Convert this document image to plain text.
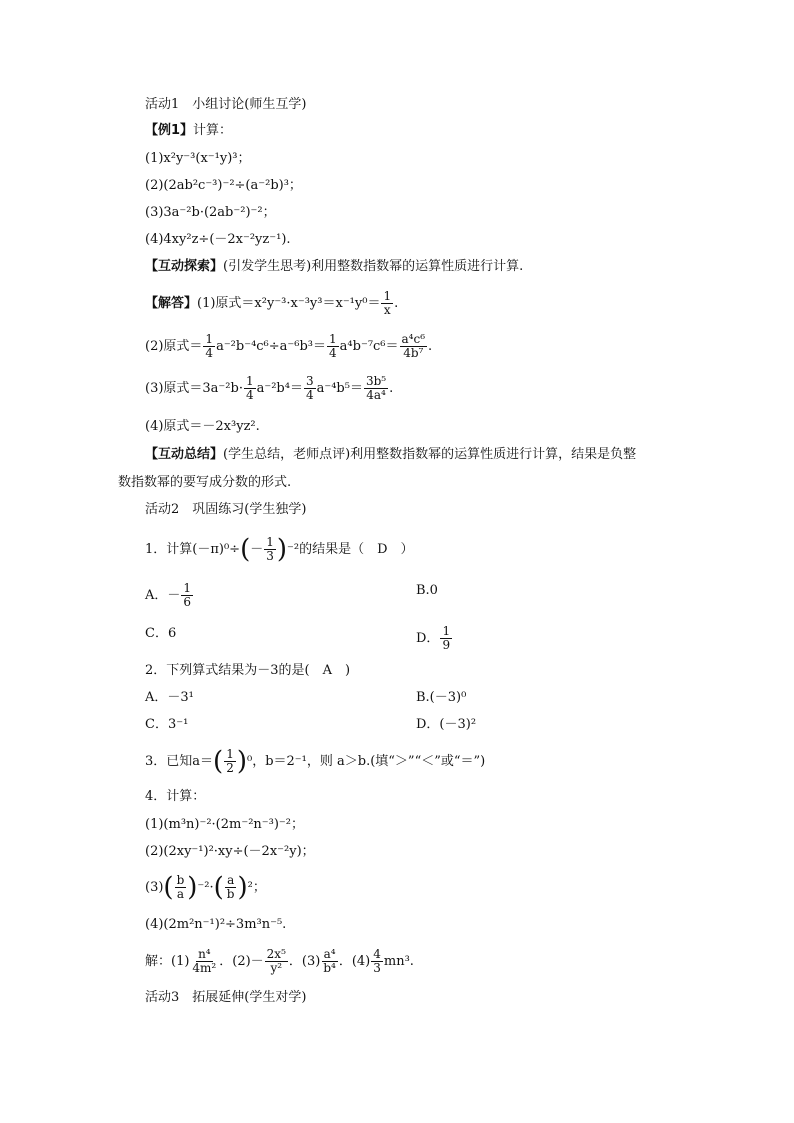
活动1　小组讨论(师生互学)
【例1】计算：
(1)x²y⁻³(x⁻¹y)³；
(2)(2ab²c⁻³)⁻²÷(a⁻²b)³；
(3)3a⁻²b·(2ab⁻²)⁻²；
(4)4xy²z÷(－2x⁻²yz⁻¹).
【互动探索】(引发学生思考)利用整数指数幂的运算性质进行计算.
【解答】(1)原式$=x^2y^{-3}\cdot x^{-3}y^3=x^{-1}y^0= \frac{1}{x}$ .
(2)原式＝ $\frac{1}{4} a^{-2}b^{-4}c^6\div a^{-6}b^3= \frac{1}{4} a^4b^{-7}c^6= \frac{\text{a⁴c⁶}}{\text{4b⁷}}$ .
(3)原式$=3a^{-2}b\cdot \frac{1}{4} a^{-2}b^4= \frac{3}{4} a^{-4}b^5= \frac{\text{3b⁵}}{\text{4a⁴}}$ .
(4)原式＝－2x³yz².
【互动总结】(学生总结，老师点评)利用整数指数幂的运算性质进行计算，结果是负整
数指数幂的要写成分数的形式.
活动2　巩固练习(学生独学)
1．计算$(-\pi)^0\div(- \frac{1}{3} )^{-2}$的结果是（　D　）
A．－ $\frac{1}{6}$	B.0
C．6	D． $\frac{1}{9}$
2．下列算式结果为－3的是(　A　)
A．－3¹	B.(－3)⁰
C．3⁻¹	D．(－3)²
3．已知$a=( \frac{1}{2} )^0$，b＝2⁻¹，则 a＞b.(填“＞”“＜”或“＝”)
4．计算：
(1)(m³n)⁻²·(2m⁻²n⁻³)⁻²；
(2)(2xy⁻¹)²·xy÷(－2x⁻²y)；
$(3)( \frac{b}{a} )^{-2}\cdot( \frac{a}{b} )^2$；
(4)(2m²n⁻¹)²÷3m³n⁻⁵.
解：$(1) \frac{\text{n⁴}}{\text{4m²}}$ ．$(2)- \frac{\text{2x⁵}}{\text{y²}}$ ．$(3) \frac{\text{a⁴}}{\text{b⁴}}$ ．$(4) \frac{4}{3} mn^3$.
活动3　拓展延伸(学生对学)
